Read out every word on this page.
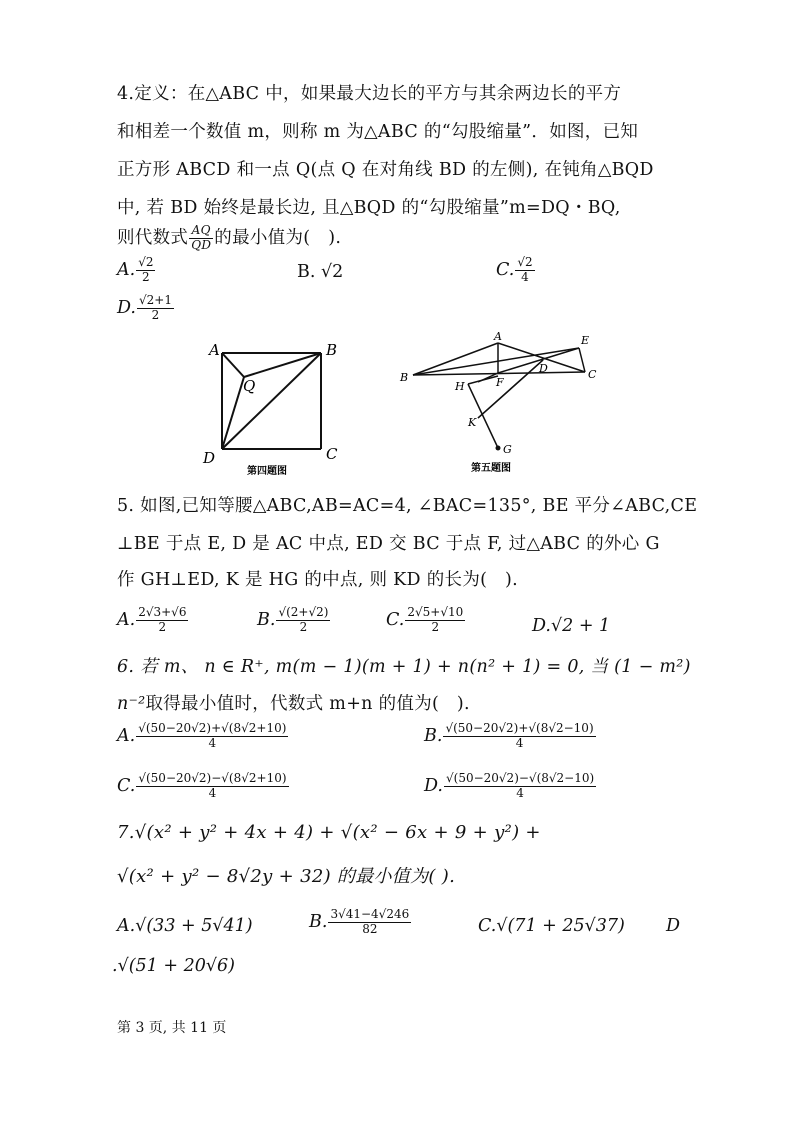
4.定义：在△ABC 中，如果最大边长的平方与其余两边长的平方
和相差一个数值 m，则称 m 为△ABC 的“勾股缩量”．如图，已知
正方形 ABCD 和一点 Q(点 Q 在对角线 BD 的左侧), 在钝角△BQD
中, 若 BD 始终是最长边, 且△BQD 的“勾股缩量”m=DQ・BQ,
则代数式 $\frac{AQ}{QD}$ 的最小值为(　).
A. $\frac{√2}{2}$	B. √2	C. $\frac{√2}{4}$
D. $\frac{√2+1}{2}$
A	B
C
D
Q
第四题图
A
B	C
D
E
F
G
H
K
第五题图
5. 如图,已知等腰△ABC,AB=AC=4, ∠BAC=135°, BE 平分∠ABC,CE
⊥BE 于点 E, D 是 AC 中点, ED 交 BC 于点 F, 过△ABC 的外心 G
作 GH⊥ED, K 是 HG 的中点, 则 KD 的长为(　).
A. $\frac{2√3+√6}{2}$	B. $\frac{√(2+√2)}{2}$	C. $\frac{2√5+√10}{2}$	D.√2 + 1
6. 若 m、 n ∈ R⁺, m(m − 1)(m + 1) + n(n² + 1) = 0, 当 (1 − m²)
n⁻²取得最小值时，代数式 m+n 的值为(　).
A. $\frac{√(50-20√2)+√(8√2+10)}{4}$	B. $\frac{√(50-20√2)+√(8√2-10)}{4}$
C. $\frac{√(50-20√2)-√(8√2+10)}{4}$	D. $\frac{√(50-20√2)-√(8√2-10)}{4}$
7.√(x² + y² + 4x + 4) + √(x² − 6x + 9 + y²) +
√(x² + y² − 8√2y + 32) 的最小值为( ).
A.√(33 + 5√41)	B. $\frac{3√41-4√246}{82}$	C.√(71 + 25√37) D
.√(51 + 20√6)
第 3 页, 共 11 页
